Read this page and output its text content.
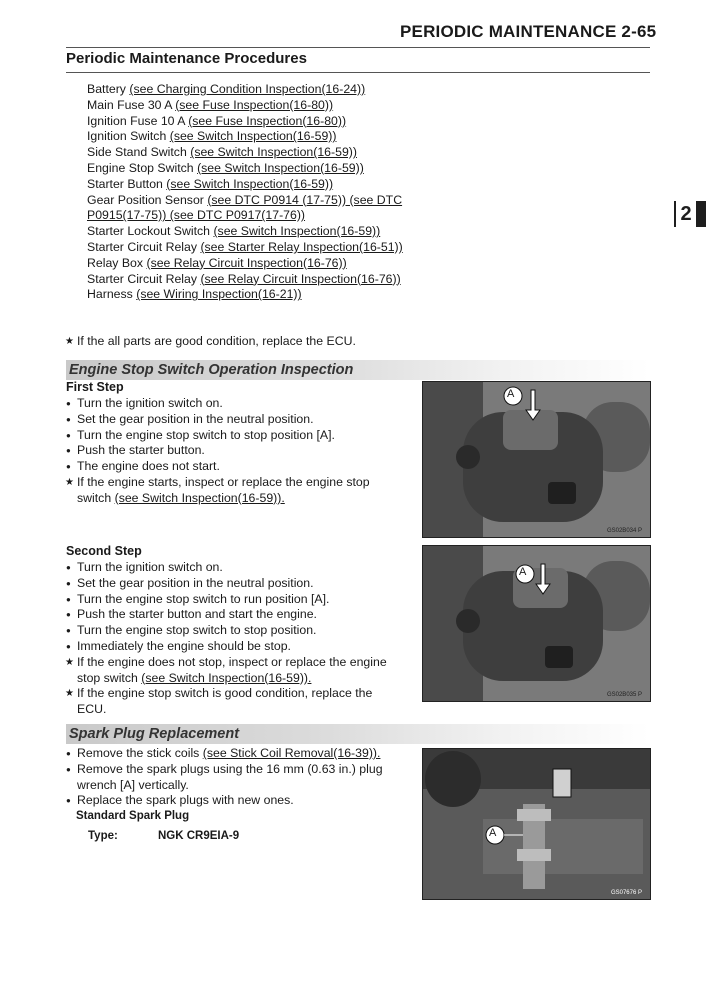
PERIODIC MAINTENANCE 2-65
Periodic Maintenance Procedures
2
Battery (see Charging Condition Inspection(16-24))
Main Fuse 30 A (see Fuse Inspection(16-80))
Ignition Fuse 10 A (see Fuse Inspection(16-80))
Ignition Switch (see Switch Inspection(16-59))
Side Stand Switch (see Switch Inspection(16-59))
Engine Stop Switch (see Switch Inspection(16-59))
Starter Button (see Switch Inspection(16-59))
Gear Position Sensor (see DTC P0914 (17-75)) (see DTC P0915(17-75)) (see DTC P0917(17-76))
Starter Lockout Switch (see Switch Inspection(16-59))
Starter Circuit Relay (see Starter Relay Inspection(16-51))
Relay Box (see Relay Circuit Inspection(16-76))
Starter Circuit Relay (see Relay Circuit Inspection(16-76))
Harness (see Wiring Inspection(16-21))
★ If the all parts are good condition, replace the ECU.
Engine Stop Switch Operation Inspection
First Step
● Turn the ignition switch on.
● Set the gear position in the neutral position.
● Turn the engine stop switch to stop position [A].
● Push the starter button.
● The engine does not start.
★ If the engine starts, inspect or replace the engine stop switch (see Switch Inspection(16-59)).
A
GS02B034 P
Second Step
● Turn the ignition switch on.
● Set the gear position in the neutral position.
● Turn the engine stop switch to run position [A].
● Push the starter button and start the engine.
● Turn the engine stop switch to stop position.
● Immediately the engine should be stop.
★ If the engine does not stop, inspect or replace the engine stop switch (see Switch Inspection(16-59)).
★ If the engine stop switch is good condition, replace the ECU.
A
GS02B035 P
Spark Plug Replacement
● Remove the stick coils (see Stick Coil Removal(16-39)).
● Remove the spark plugs using the 16 mm (0.63 in.) plug wrench [A] vertically.
● Replace the spark plugs with new ones.
Standard Spark Plug
Type:	NGK CR9EIA-9	A
GS07676 P
